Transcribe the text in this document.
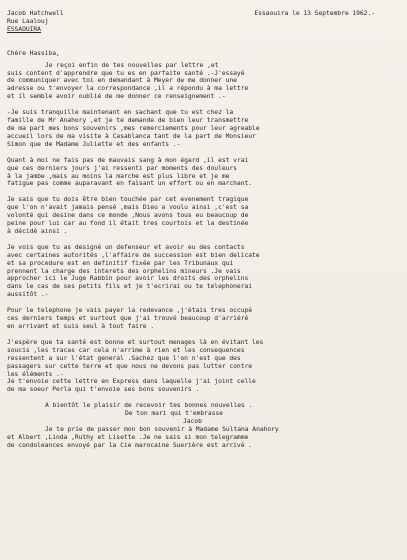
Jacob Hatchwell
Rue Laalouj
ESSAOUIRA
Essaouira le 13 Septembre 1962.-
Chère Hassiba,
Je reçoi enfin de tes nouvelles par lettre ,et
suis content d'apprendre que tu es en parfaite santé .-J'essayé
de communiquer avec toi en demandant à Meyer de me donner une
adresse ou t'envoyer la correspondance ,il a répondu à ma lettre
et il semble avoir oublié de me donner ce renseignement .-
-Je suis tranquille maintenant en sachant que tu est chez la
famille de Mr Anahory ,et je te demande de bien leur transmettre
de ma part mes bons souvenirs ,mes remerciements pour leur agreable
accueil lors de ma visite à Casablanca tant de la part de Monsieur
Simon que de Madame Juliette et des enfants .-
Quant à moi ne fais pas de mauvais sang à mon égard ,il est vrai
que ces derniers jours j'ai ressenti par moments des douleurs
à la jambe ,mais au moins la marche est plus libre et je me
fatigue pas comme auparavant en faisant un effort ou en marchant.
Je sais que tu dois être bien touchée par cet evenement tragique
que l'on n'avait jamais pensé ,mais Dieu a voulu ainsi ,c'est sa
volonté qui desine dans ce monde ,Nous avons tous eu beaucoup de
peine pour lui car au fond il était tres courtois et la destinée
à décidé ainsi .
Je vois que tu as designé un defenseur et avoir eu des contacts
avec certaines autorités ,l'affaire de succession est bien delicate
et sa procedure est en definitif fixée par les Tribunaux qui
prennent la charge des interets des orphelins mineurs .Je vais
approcher ici le Juge Rabbin pour avoir les droits des orphelins
dans le cas de ses petits fils et je t'ecrirai ou te telephonerai
aussitôt .-
Pour le telephone je vais payer la redevance ,j'étais tres occupé
ces derniers temps et surtout que j'ai trouvé beaucoup d'arriéré
en arrivant et suis seul à tout faire .
J'espère que ta santé est bonne et surtout menages là en évitant les
soucis ,les tracas car cela n'arrime à rien et les consequences
ressentent a sur l'état general .Sachez que l'on n'est que des
passagers sur cette terre et que nous ne devons pas lutter contre
les éléments .-
Je t'envoie cette lettre en Express dans laquelle j'ai joint celle
de ma soeur Perla qui t'envoie ses bons souvenirs .
A bientôt le plaisir de recevoir tes bonnes nouvelles .
De ton mari qui t'embrasse
Jacob
Je te prie de passer mon bon souvenir à Madame Sultana Anahory
et Albert ,Linda ,Ruthy et Lisette .Je ne sais si mon telegramme
de condoleances envoyé par la Cie marocaine Suerière est arrivé .
